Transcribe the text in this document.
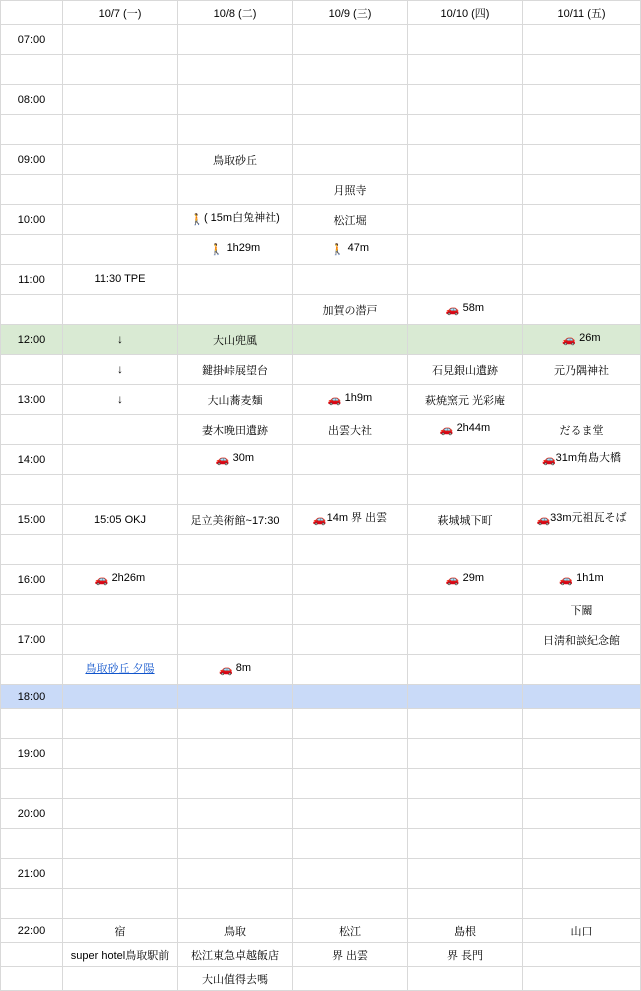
	10/7 (一)	10/8 (二)	10/9 (三)	10/10 (四)	10/11 (五)
07:00					

08:00					

09:00		鳥取砂丘			
			月照寺		
10:00		🚶( 15m白兔神社)	松江堀		

		🚶 1h29m	🚶 47m		

11:00	11:30 TPE				

			加賀の潜戸	🚗 58m	

12:00	↓	大山兜風			🚗 26m

	↓	鍵掛峠展望台		石見銀山遺跡	元乃隅神社
13:00	↓	大山蕎麦麺	🚗 1h9m	萩焼窯元 光彩庵	
		妻木晚田遺跡	出雲大社	🚗 2h44m	だるま堂
14:00		🚗 30m			🚗31m角島大橋

15:00	15:05 OKJ	足立美術館~17:30	🚗14m 界 出雲	萩城城下町	🚗33m元祖瓦そば

16:00	🚗 2h26m			🚗 29m	🚗 1h1m

					下關
17:00					日淸和談紀念館

	鳥取砂丘 夕陽	🚗 8m			

18:00					

19:00					

20:00					

21:00					

22:00	宿	鳥取	松江	島根	山口
	super hotel鳥取駅前	松江東急卓越飯店	界 出雲	界 長門	
		大山值得去嗎			
